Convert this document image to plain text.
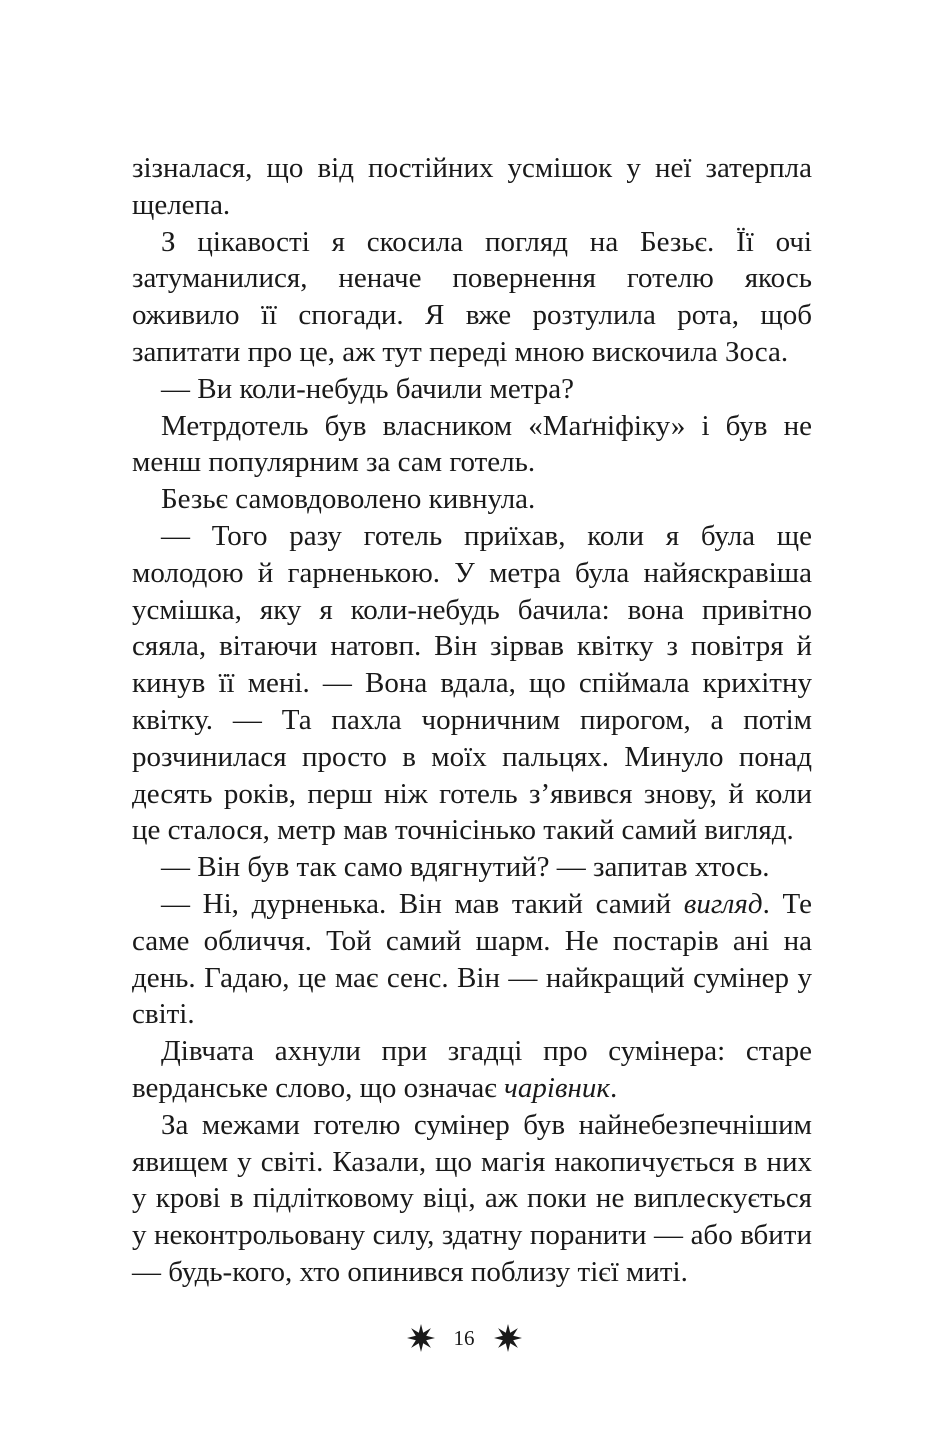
зізналася, що від постійних усмішок у неї затерпла щелепа.

З цікавості я скосила погляд на Безьє. Її очі затуманилися, неначе повернення готелю якось оживило її спогади. Я вже розтулила рота, щоб запитати про це, аж тут переді мною вискочила Зоса.

— Ви коли-небудь бачили метра?

Метрдотель був власником «Маґніфіку» і був не менш популярним за сам готель.

Безьє самовдоволено кивнула.

— Того разу готель приїхав, коли я була ще молодою й гарненькою. У метра була найяскравіша усмішка, яку я коли-небудь бачила: вона привітно сяяла, вітаючи натовп. Він зірвав квітку з повітря й кинув її мені. — Вона вдала, що спіймала крихітну квітку. — Та пахла чорничним пирогом, а потім розчинилася просто в моїх пальцях. Минуло понад десять років, перш ніж готель з’явився знову, й коли це сталося, метр мав точнісінько такий самий вигляд.

— Він був так само вдягнутий? — запитав хтось.

— Ні, дурненька. Він мав такий самий вигляд. Те саме обличчя. Той самий шарм. Не постарів ані на день. Гадаю, це має сенс. Він — найкращий сумінер у світі.

Дівчата ахнули при згадці про сумінера: старе верданське слово, що означає чарівник.

За межами готелю сумінер був найнебезпечнішим явищем у світі. Казали, що магія накопичується в них у крові в підлітковому віці, аж поки не виплескується у неконтрольовану силу, здатну поранити — або вбити — будь-кого, хто опинився поблизу тієї миті.

16
